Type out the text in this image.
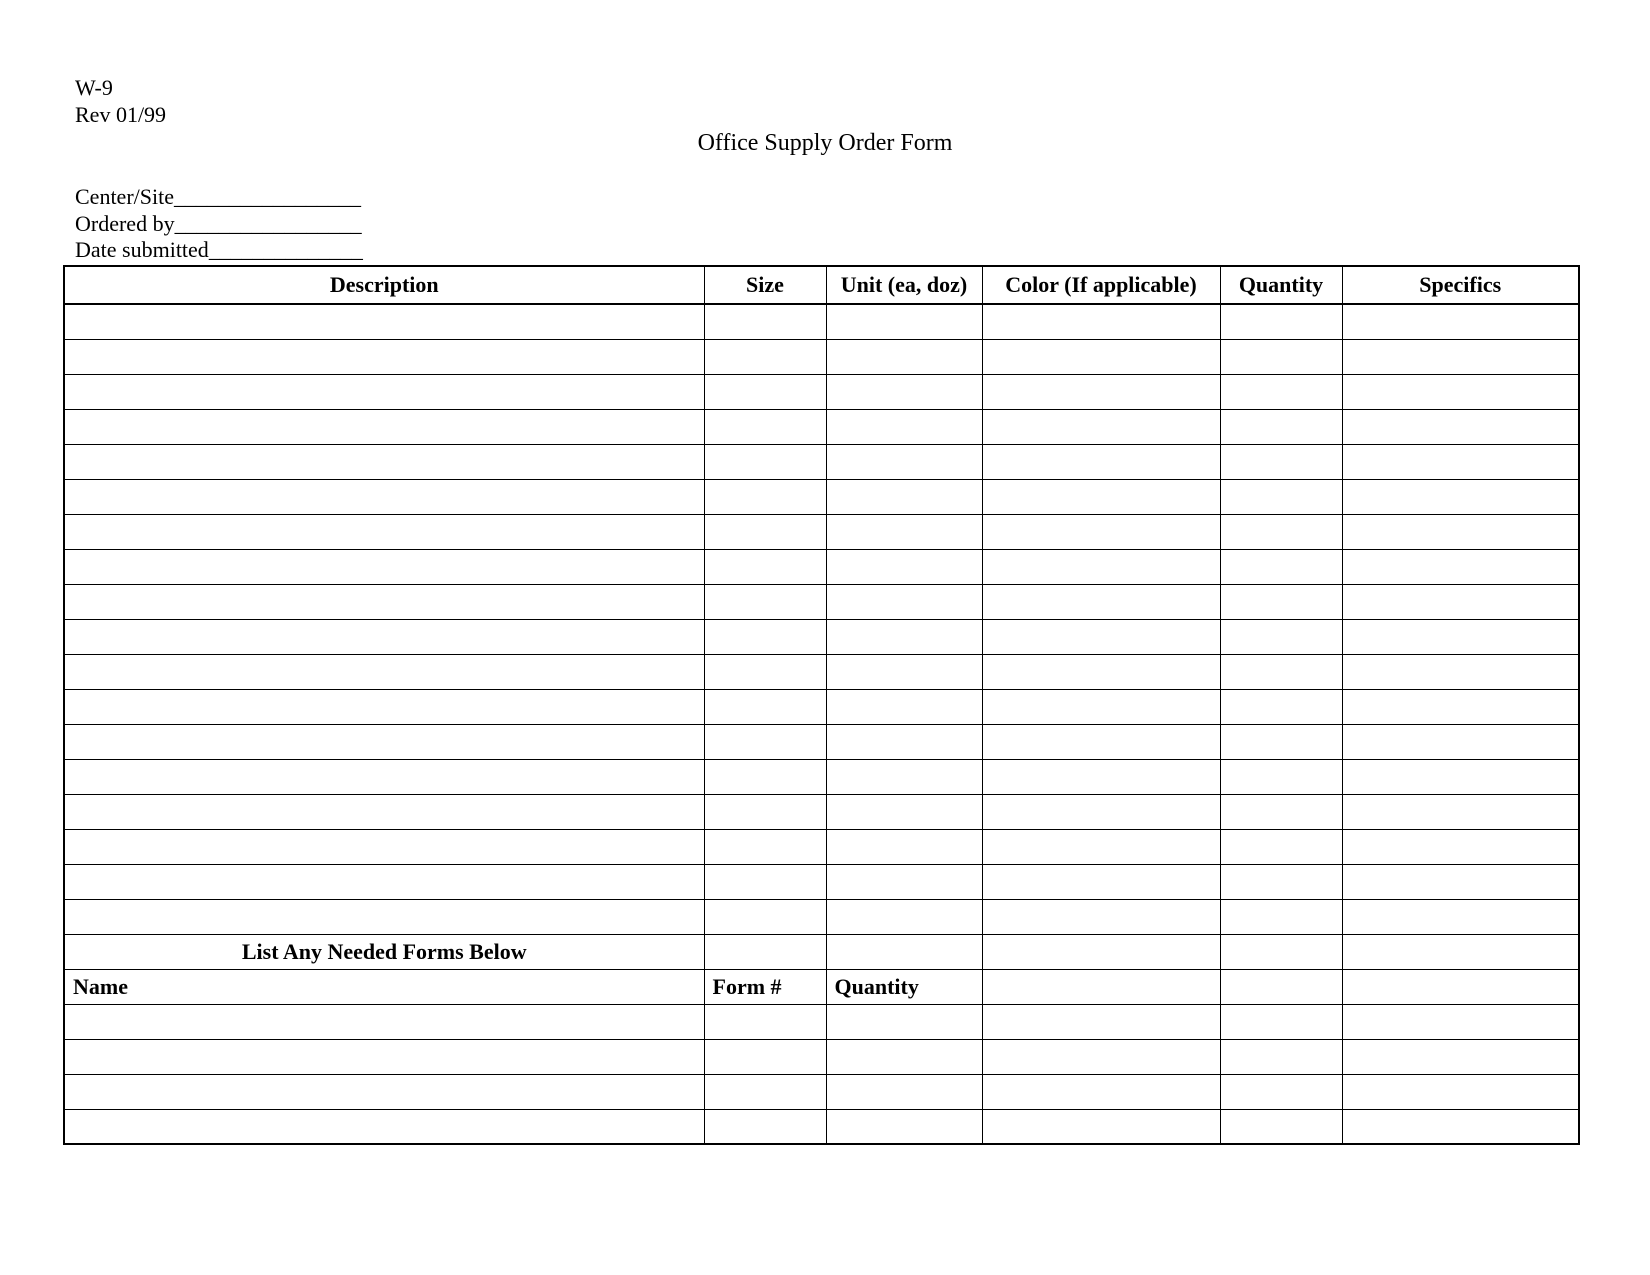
W-9
Rev 01/99
Office Supply Order Form
Center/Site_________________
Ordered by_________________
Date submitted______________
Description	Size	Unit (ea, doz)	Color (If applicable)	Quantity	Specifics

List Any Needed Forms Below					
Name	Form #	Quantity			
